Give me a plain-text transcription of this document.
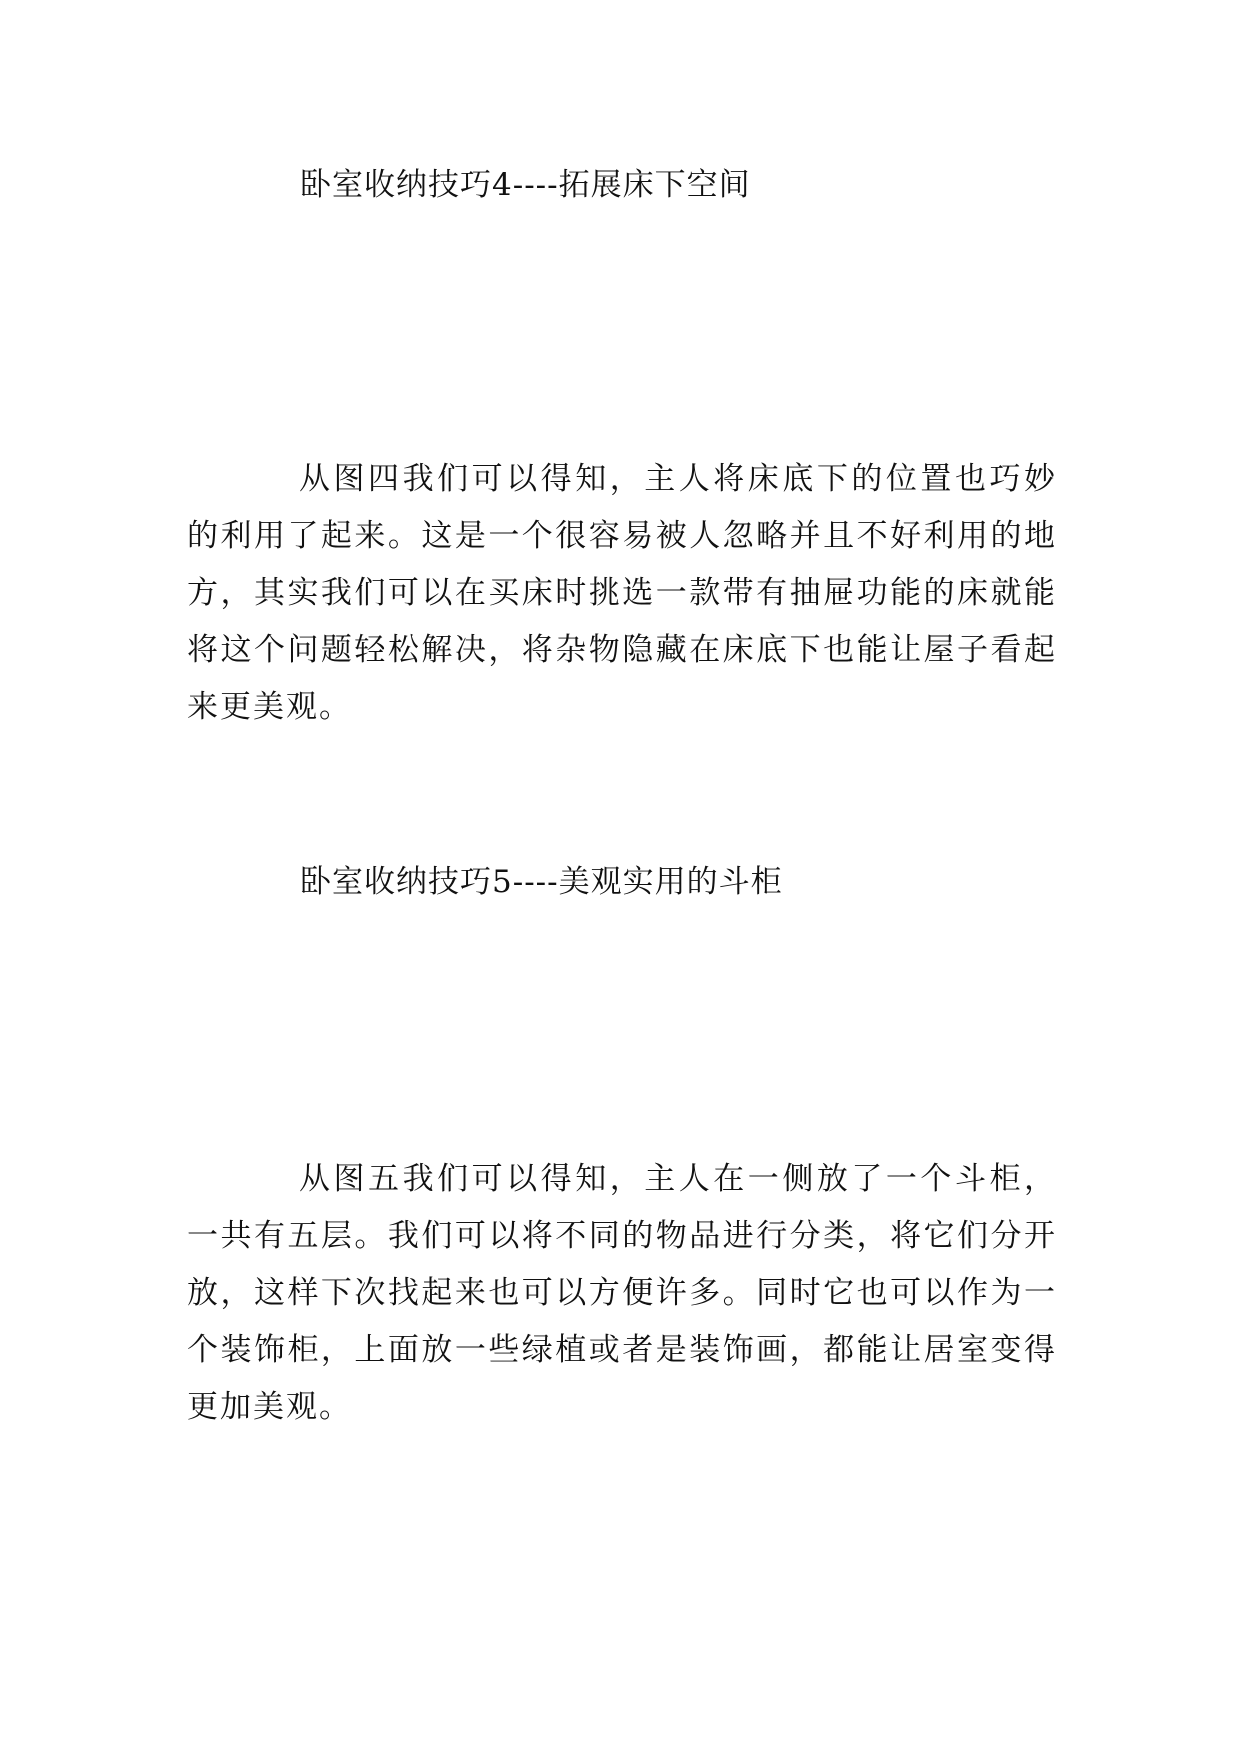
卧室收纳技巧4----拓展床下空间

从图四我们可以得知，主人将床底下的位置也巧妙的利用了起来。这是一个很容易被人忽略并且不好利用的地方，其实我们可以在买床时挑选一款带有抽屉功能的床就能将这个问题轻松解决，将杂物隐藏在床底下也能让屋子看起来更美观。

卧室收纳技巧5----美观实用的斗柜

从图五我们可以得知，主人在一侧放了一个斗柜，一共有五层。我们可以将不同的物品进行分类，将它们分开放，这样下次找起来也可以方便许多。同时它也可以作为一个装饰柜，上面放一些绿植或者是装饰画，都能让居室变得更加美观。
